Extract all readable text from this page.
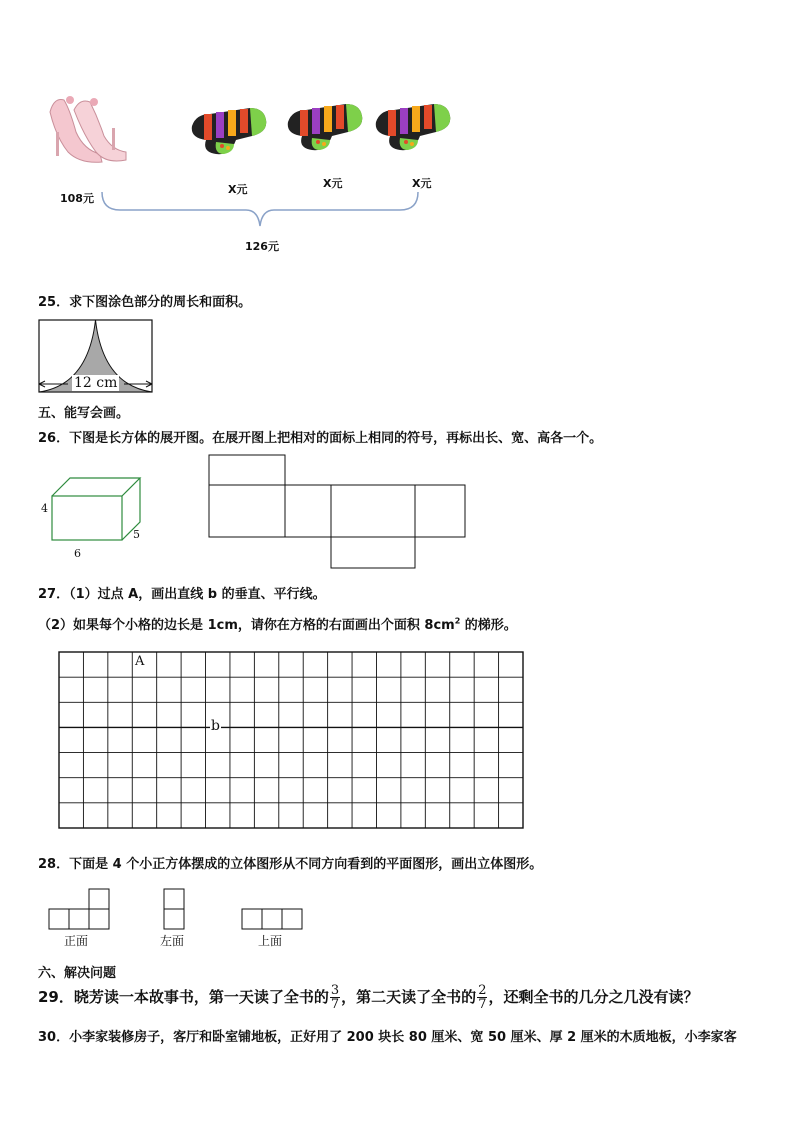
108元
X元	X元	X元
126元
25．求下图涂色部分的周长和面积。
12 cm
五、能写会画。
26．下图是长方体的展开图。在展开图上把相对的面标上相同的符号，再标出长、宽、高各一个。
4
6
5
27．（1）过点 A，画出直线 b 的垂直、平行线。
（2）如果每个小格的边长是 1cm，请你在方格的右面画出个面积 $8cm^2$ 的梯形。
A
b
28．下面是 4 个小正方体摆成的立体图形从不同方向看到的平面图形，画出立体图形。
正面	左面	上面
六、解决问题
29．晓芳读一本故事书，第一天读了全书的 $\frac{3}{7}$ ，第二天读了全书的 $\frac{2}{7}$ ，还剩全书的几分之几没有读？
30．小李家装修房子，客厅和卧室铺地板，正好用了 200 块长 80 厘米、宽 50 厘米、厚 2 厘米的木质地板，小李家客
